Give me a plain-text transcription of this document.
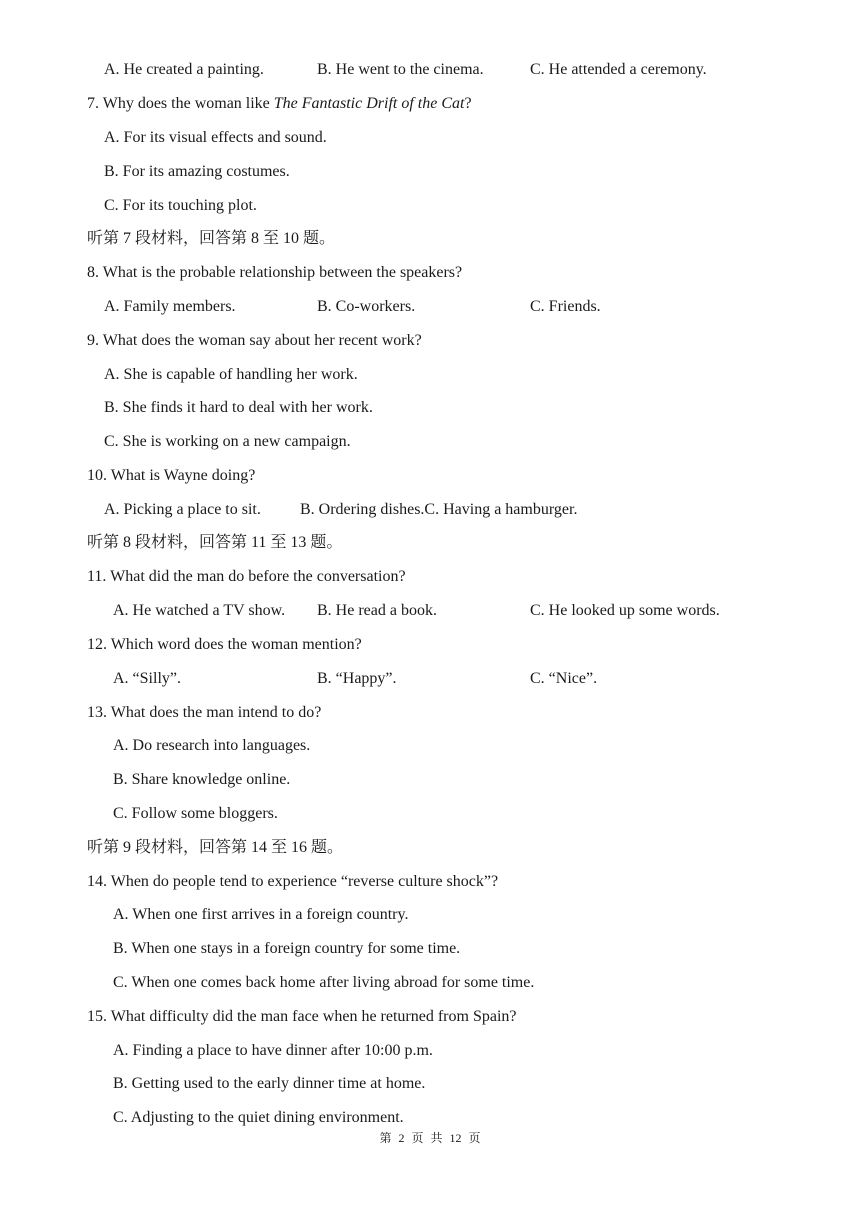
A. He created a painting.	B. He went to the cinema.	C. He attended a ceremony.
7. Why does the woman like The Fantastic Drift of the Cat?
A. For its visual effects and sound.
B. For its amazing costumes.
C. For its touching plot.
听第 7 段材料，回答第 8 至 10 题。
8. What is the probable relationship between the speakers?
A. Family members.	B. Co-workers.	C. Friends.
9. What does the woman say about her recent work?
A. She is capable of handling her work.
B. She finds it hard to deal with her work.
C. She is working on a new campaign.
10. What is Wayne doing?
A. Picking a place to sit. B. Ordering dishes.C. Having a hamburger.
听第 8 段材料，回答第 11 至 13 题。
11. What did the man do before the conversation?
A. He watched a TV show. B. He read a book.	C. He looked up some words.
12. Which word does the woman mention?
A. “Silly”.	B. “Happy”.	C. “Nice”.
13. What does the man intend to do?
A. Do research into languages.
B. Share knowledge online.
C. Follow some bloggers.
听第 9 段材料，回答第 14 至 16 题。
14. When do people tend to experience “reverse culture shock”?
A. When one first arrives in a foreign country.
B. When one stays in a foreign country for some time.
C. When one comes back home after living abroad for some time.
15. What difficulty did the man face when he returned from Spain?
A. Finding a place to have dinner after 10:00 p.m.
B. Getting used to the early dinner time at home.
C. Adjusting to the quiet dining environment.
第 2 页 共 12 页
